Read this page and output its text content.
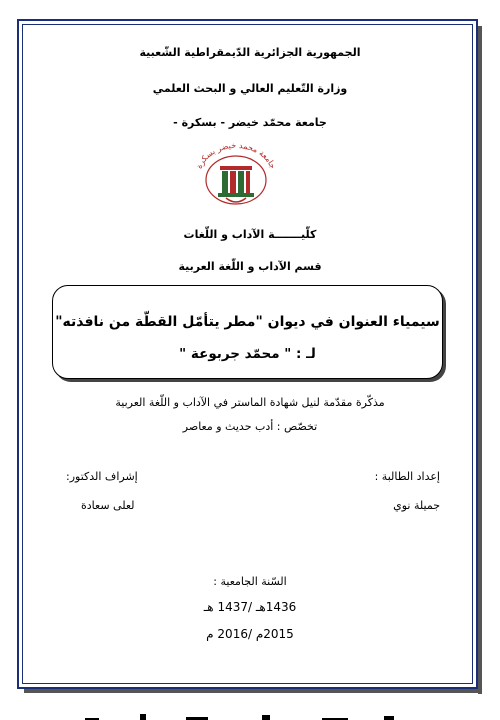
الجمهورية الجزائرية الدّيمقراطية الشّعبية
وزارة التّعليم العالي و البحث العلمي
جامعة محمّد خيضر - بسكرة -
جامعة محمد خيضر بسكرة
كلّيـــــــة الآداب و اللّغات
قسم الآداب و اللّغة العربية
سيمياء العنوان في ديوان "مطر يتأمّل القطّة من نافذته"
لـ : " محمّد جربوعة "
مذكّرة مقدّمة لنيل شهادة الماستر في الآداب و اللّغة العربية
تخصّص : أدب حديث و معاصر
إعداد الطالبة :
جميلة نوي
إشراف الدكتور:
لعلى سعادة
السّنة الجامعية :
1436هـ /1437 هـ
2015م /2016 م
